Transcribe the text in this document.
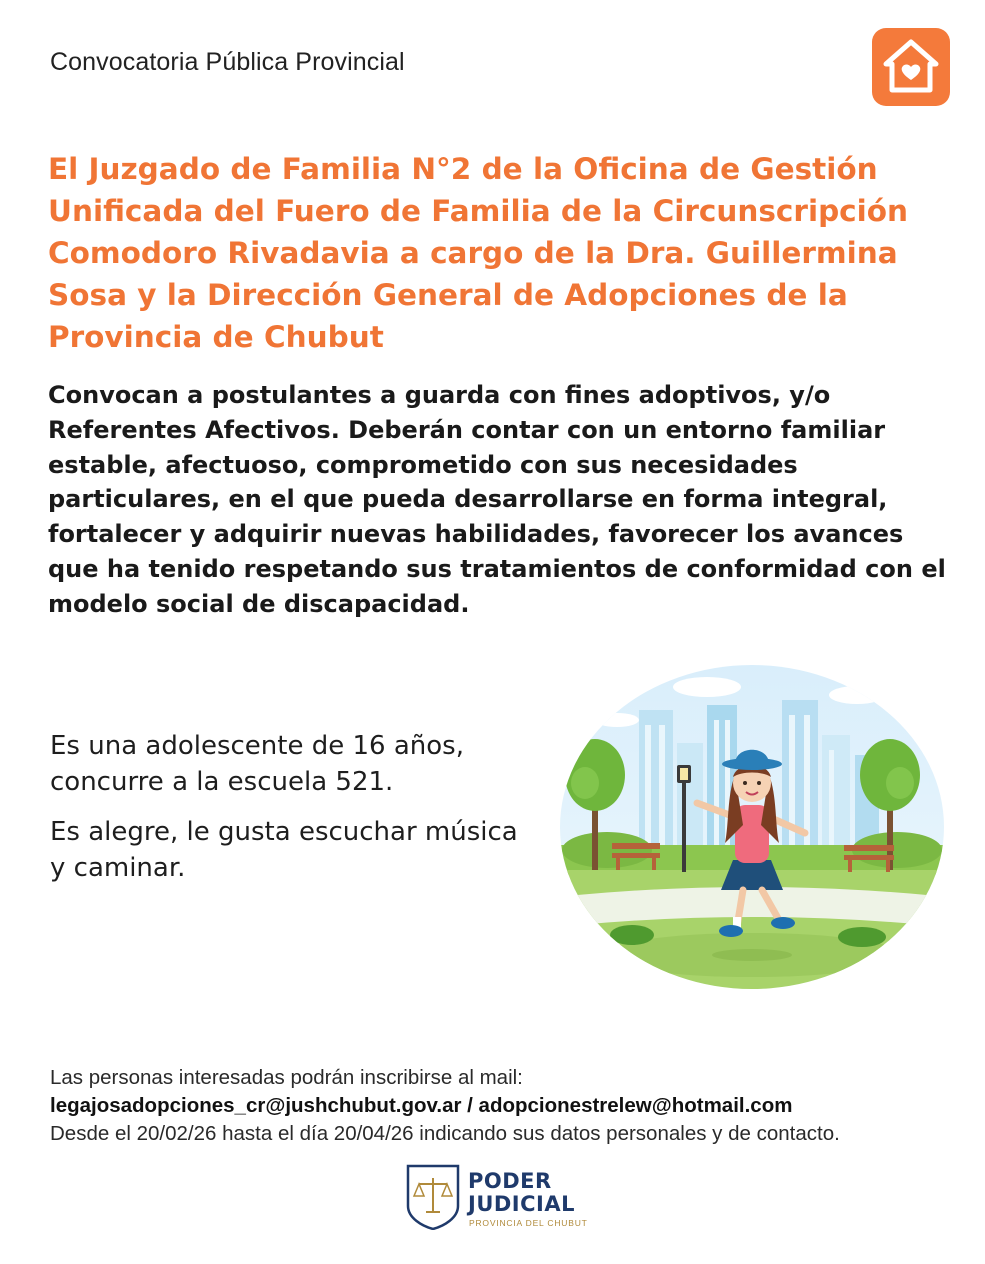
Convocatoria Pública Provincial
El Juzgado de Familia N°2 de la Oficina de Gestión Unificada del Fuero de Familia de la Circunscripción Comodoro Rivadavia a cargo de la Dra. Guillermina Sosa y la Dirección General de Adopciones de la Provincia de Chubut

Convocan a postulantes a guarda con fines adoptivos, y/o Referentes Afectivos. Deberán contar con un entorno familiar estable, afectuoso, comprometido con sus necesidades particulares, en el que pueda desarrollarse en forma integral, fortalecer y adquirir nuevas habilidades, favorecer los avances que ha tenido respetando sus tratamientos de conformidad con el modelo social de discapacidad.

Es una adolescente de 16 años, concurre a la escuela 521.

Es alegre, le gusta escuchar música y caminar.

Las personas interesadas podrán inscribirse al mail:
legajosadopciones_cr@jushchubut.gov.ar / adopcionestrelew@hotmail.com
Desde el 20/02/26 hasta el día 20/04/26 indicando sus datos personales y de contacto.
PODER
JUDICIAL
PROVINCIA DEL CHUBUT
